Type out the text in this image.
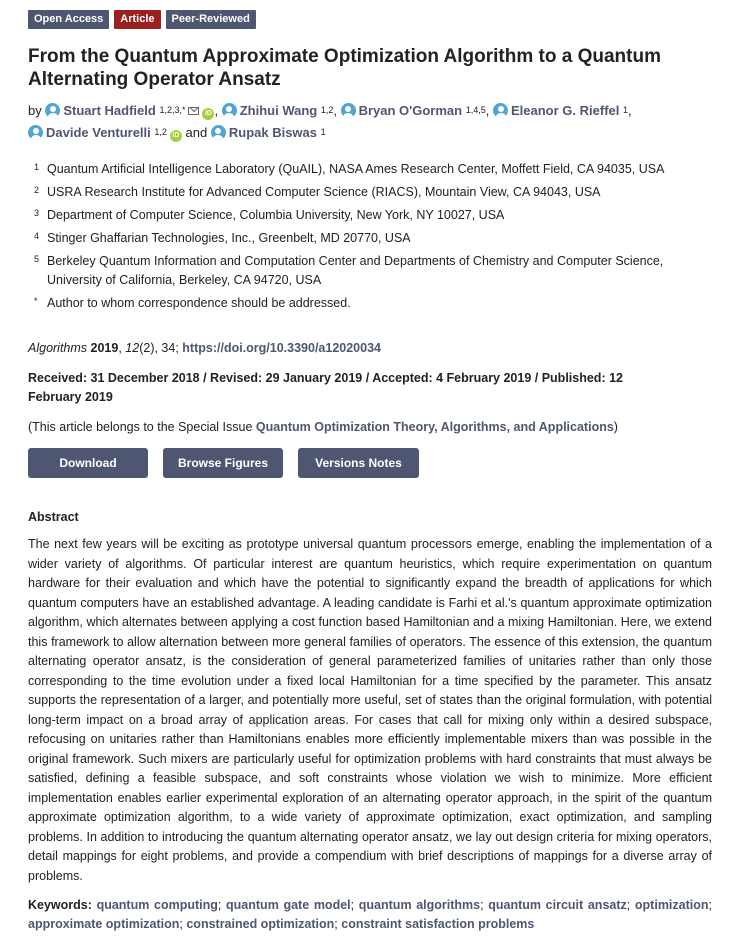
Open Access	Article	Peer-Reviewed
From the Quantum Approximate Optimization Algorithm to a Quantum Alternating Operator Ansatz
by Stuart Hadfield $^{1,2,3,*}$	iD , Zhihui Wang $^{1,2}$, Bryan O'Gorman $^{1,4,5}$, Eleanor G. Rieffel $^1$,
Davide Venturelli $^{1,2}$ iD and Rupak Biswas $^1$
1 Quantum Artificial Intelligence Laboratory (QuAIL), NASA Ames Research Center, Moffett Field, CA 94035, USA
2 USRA Research Institute for Advanced Computer Science (RIACS), Mountain View, CA 94043, USA
3 Department of Computer Science, Columbia University, New York, NY 10027, USA
4 Stinger Ghaffarian Technologies, Inc., Greenbelt, MD 20770, USA
5 Berkeley Quantum Information and Computation Center and Departments of Chemistry and Computer Science, University of California, Berkeley, CA 94720, USA
* Author to whom correspondence should be addressed.
Algorithms 2019, 12(2), 34; https://doi.org/10.3390/a12020034
Received: 31 December 2018 / Revised: 29 January 2019 / Accepted: 4 February 2019 / Published: 12 February 2019
(This article belongs to the Special Issue Quantum Optimization Theory, Algorithms, and Applications)
Download	Browse Figures	Versions Notes
Abstract

The next few years will be exciting as prototype universal quantum processors emerge, enabling the implementation of a wider variety of algorithms. Of particular interest are quantum heuristics, which require experimentation on quantum hardware for their evaluation and which have the potential to significantly expand the breadth of applications for which quantum computers have an established advantage. A leading candidate is Farhi et al.'s quantum approximate optimization algorithm, which alternates between applying a cost function based Hamiltonian and a mixing Hamiltonian. Here, we extend this framework to allow alternation between more general families of operators. The essence of this extension, the quantum alternating operator ansatz, is the consideration of general parameterized families of unitaries rather than only those corresponding to the time evolution under a fixed local Hamiltonian for a time specified by the parameter. This ansatz supports the representation of a larger, and potentially more useful, set of states than the original formulation, with potential long-term impact on a broad array of application areas. For cases that call for mixing only within a desired subspace, refocusing on unitaries rather than Hamiltonians enables more efficiently implementable mixers than was possible in the original framework. Such mixers are particularly useful for optimization problems with hard constraints that must always be satisfied, defining a feasible subspace, and soft constraints whose violation we wish to minimize. More efficient implementation enables earlier experimental exploration of an alternating operator approach, in the spirit of the quantum approximate optimization algorithm, to a wide variety of approximate optimization, exact optimization, and sampling problems. In addition to introducing the quantum alternating operator ansatz, we lay out design criteria for mixing operators, detail mappings for eight problems, and provide a compendium with brief descriptions of mappings for a diverse array of problems.

Keywords: quantum computing; quantum gate model; quantum algorithms; quantum circuit ansatz; optimization; approximate optimization; constrained optimization; constraint satisfaction problems
